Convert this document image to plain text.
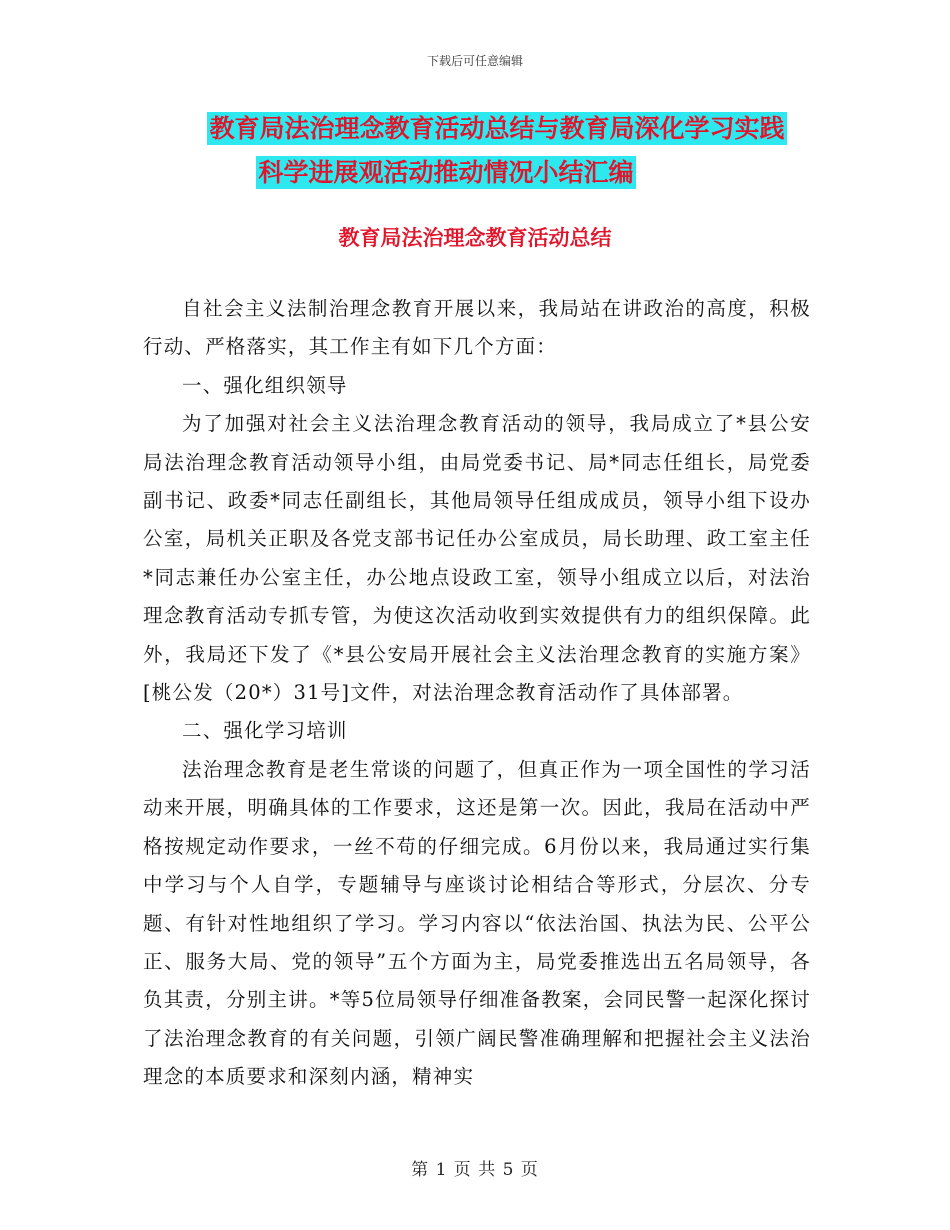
下载后可任意编辑
教育局法治理念教育活动总结与教育局深化学习实践
科学进展观活动推动情况小结汇编
教育局法治理念教育活动总结

自社会主义法制治理念教育开展以来，我局站在讲政治的高度，积极行动、严格落实，其工作主有如下几个方面：

一、强化组织领导

为了加强对社会主义法治理念教育活动的领导，我局成立了*县公安局法治理念教育活动领导小组，由局党委书记、局*同志任组长，局党委副书记、政委*同志任副组长，其他局领导任组成成员，领导小组下设办公室，局机关正职及各党支部书记任办公室成员，局长助理、政工室主任*同志兼任办公室主任，办公地点设政工室，领导小组成立以后，对法治理念教育活动专抓专管，为使这次活动收到实效提供有力的组织保障。此外，我局还下发了《*县公安局开展社会主义法治理念教育的实施方案》[桃公发（20*）31号]文件，对法治理念教育活动作了具体部署。

二、强化学习培训

法治理念教育是老生常谈的问题了，但真正作为一项全国性的学习活动来开展，明确具体的工作要求，这还是第一次。因此，我局在活动中严格按规定动作要求，一丝不苟的仔细完成。6月份以来，我局通过实行集中学习与个人自学，专题辅导与座谈讨论相结合等形式，分层次、分专题、有针对性地组织了学习。学习内容以“依法治国、执法为民、公平公正、服务大局、党的领导”五个方面为主，局党委推选出五名局领导，各负其责，分别主讲。*等5位局领导仔细准备教案，会同民警一起深化探讨了法治理念教育的有关问题，引领广阔民警准确理解和把握社会主义法治理念的本质要求和深刻内涵，精神实

第 1 页 共 5 页
